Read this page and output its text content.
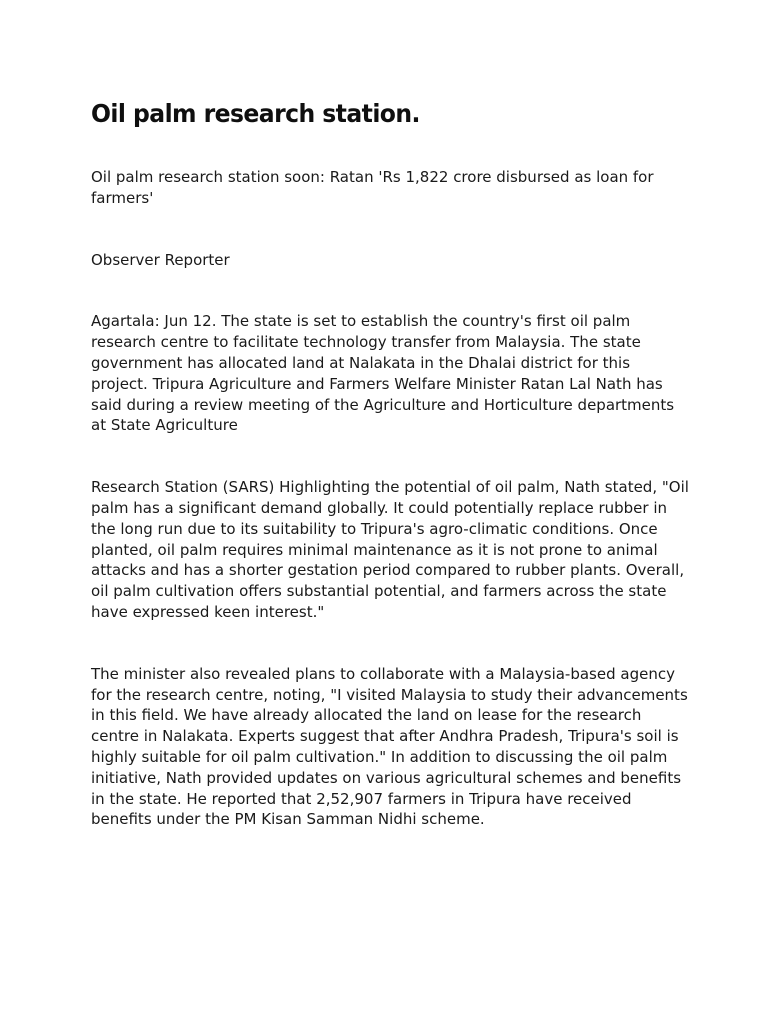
Oil palm research station.

Oil palm research station soon: Ratan 'Rs 1,822 crore disbursed as loan for farmers'

Observer Reporter

Agartala: Jun 12. The state is set to establish the country's first oil palm research centre to facilitate technology transfer from Malaysia. The state government has allocated land at Nalakata in the Dhalai district for this project. Tripura Agriculture and Farmers Welfare Minister Ratan Lal Nath has said during a review meeting of the Agriculture and Horticulture departments at State Agriculture

Research Station (SARS) Highlighting the potential of oil palm, Nath stated, "Oil palm has a significant demand globally. It could potentially replace rubber in the long run due to its suitability to Tripura's agro-climatic conditions. Once planted, oil palm requires minimal maintenance as it is not prone to animal attacks and has a shorter gestation period compared to rubber plants. Overall, oil palm cultivation offers substantial potential, and farmers across the state have expressed keen interest."

The minister also revealed plans to collaborate with a Malaysia-based agency for the research centre, noting, "I visited Malaysia to study their advancements in this field. We have already allocated the land on lease for the research centre in Nalakata. Experts suggest that after Andhra Pradesh, Tripura's soil is highly suitable for oil palm cultivation." In addition to discussing the oil palm initiative, Nath provided updates on various agricultural schemes and benefits in the state. He reported that 2,52,907 farmers in Tripura have received benefits under the PM Kisan Samman Nidhi scheme.
